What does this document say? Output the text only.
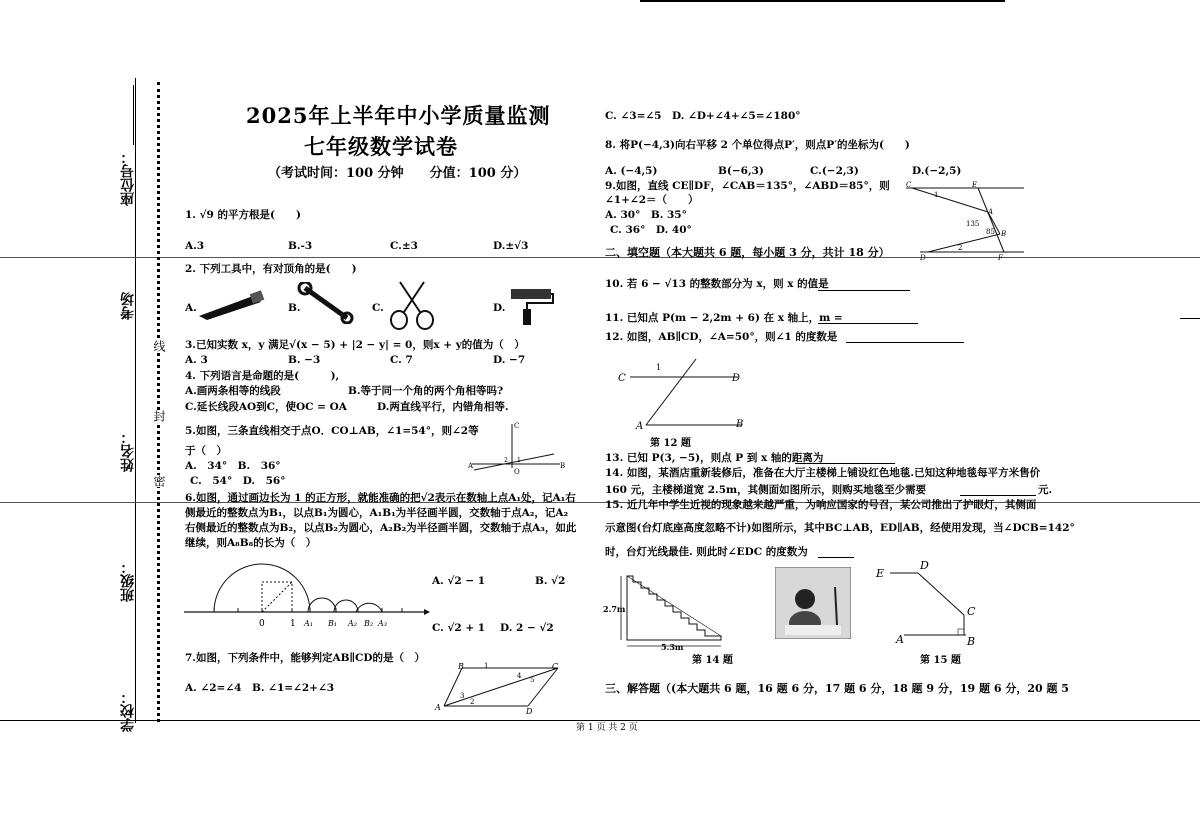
座位号：
考场
姓名：
班级：
学校：
线
封
密
2025年上半年中小学质量监测
七年级数学试卷
（考试时间：100 分钟　　分值：100 分）
1. √9 的平方根是(　　)
A.3	B.-3	C.±3	D.±√3
2. 下列工具中，有对顶角的是(　　)
A.	B.	C.	D.
3.已知实数 x，y 满足√(x − 5) + |2 − y| = 0，则x + y的值为（　）
A. 3	B. −3	C. 7	D. −7
4. 下列语言是命题的是(　　　),
A.画两条相等的线段	B.等于同一个角的两个角相等吗?
C.延长线段AO到C，使OC = OA	D.两直线平行，内错角相等.
5.如图，三条直线相交于点O．CO⊥AB，∠1=54°，则∠2等
于（　）
A.　34°　B.　36°
C.　54°　D.　56°
C
O
A	B
1
2
6.如图，通过画边长为 1 的正方形，就能准确的把√2表示在数轴上点A₁处，记A₁右
侧最近的整数点为B₁，以点B₁为圆心，A₁B₁为半径画半圆，交数轴于点A₂，记A₂
右侧最近的整数点为B₂，以点B₂为圆心，A₂B₂为半径画半圆，交数轴于点A₃，如此
继续，则A₈B₈的长为（　）
0	1 A₁ B₁ A₂ B₂ A₃
A. √2 − 1	B. √2
C. √2 + 1 D. 2 − √2
7.如图，下列条件中，能够判定AB∥CD的是（　）
A. ∠2=∠4　B. ∠1=∠2+∠3
B	C
A	D
1
2
3
4 5
C. ∠3=∠5　D. ∠D+∠4+∠5=∠180°
8. 将P(−4,3)向右平移 2 个单位得点P′，则点P′的坐标为(　　)
A. (−4,5)	B(−6,3)	C.(−2,3)	D.(−2,5)
9.如图，直线 CE∥DF，∠CAB＝135°，∠ABD＝85°，则
∠1+∠2＝（　　）
A. 30°　B. 35°
C. 36°　D. 40°
C	E
A
B
D	F
1
2
135
85
二、填空题（本大题共 6 题，每小题 3 分，共计 18 分）
10. 若 6 − √13 的整数部分为 x，则 x 的值是
11. 已知点 P(m − 2,2m + 6) 在 x 轴上，m =
12. 如图，AB∥CD，∠A=50°，则∠1 的度数是
C	D
A	B
1
第 12 题
13. 已知 P(3, −5)，则点 P 到 x 轴的距离为
14. 如图，某酒店重新装修后，准备在大厅主楼梯上铺设红色地毯.已知这种地毯每平方米售价
160 元，主楼梯道宽 2.5m，其侧面如图所示，则购买地毯至少需要	元.
15. 近几年中学生近视的现象越来越严重，为响应国家的号召，某公司推出了护眼灯，其侧面
示意图(台灯底座高度忽略不计)如图所示，其中BC⊥AB，ED∥AB，经使用发现，当∠DCB=142°
时，台灯光线最佳. 则此时∠EDC 的度数为
2.7m
5.3m
第 14 题
E
D
C
A	B
第 15 题
三、解答题（(本大题共 6 题，16 题 6 分，17 题 6 分，18 题 9 分，19 题 6 分，20 题 5
第 1 页 共 2 页
